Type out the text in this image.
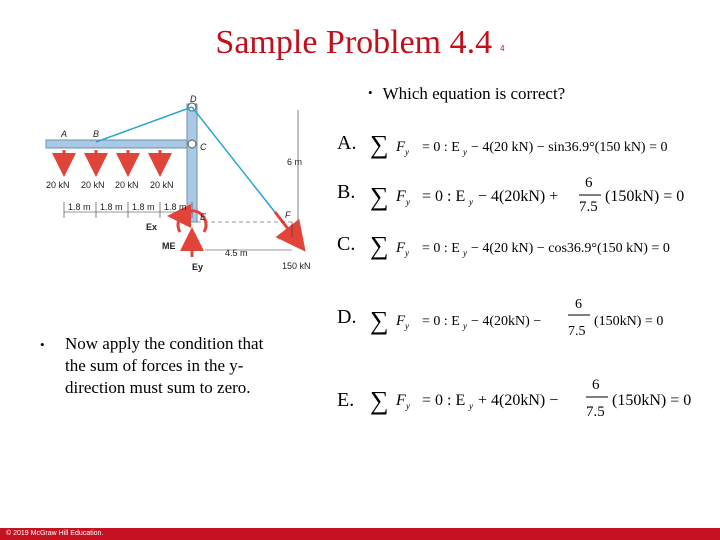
Sample Problem 4.4 4
• Which equation is correct?
D
A	B
C
E	F
20 kN 20 kN 20 kN 20 kN
1.8 m 1.8 m 1.8 m 1.8 m
6 m
4.5 m
150 kN
Ex
ME
Ey
• Now apply the condition that the sum of forces in the y-direction must sum to zero.
A. ∑ F y = 0 : E y − 4(20 kN) − sin36.9°(150 kN) = 0
B. ∑ F y = 0 : E y − 4(20kN) +
6
7.5
(150kN) = 0
C. ∑ F y = 0 : E y − 4(20 kN) − cos36.9°(150 kN) = 0
D. ∑ F y = 0 : E y − 4(20kN) −
6
7.5
(150kN) = 0
E. ∑ F y = 0 : E y + 4(20kN) −
6
7.5
(150kN) = 0
© 2019 McGraw Hill Education.
